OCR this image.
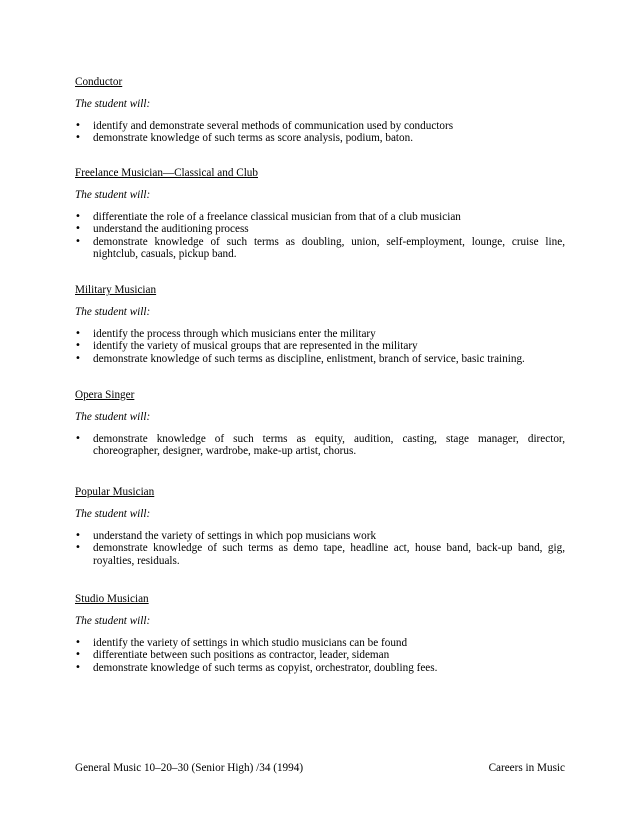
Conductor

The student will:

• identify and demonstrate several methods of communication used by conductors
• demonstrate knowledge of such terms as score analysis, podium, baton.

Freelance Musician—Classical and Club

The student will:

• differentiate the role of a freelance classical musician from that of a club musician
• understand the auditioning process
• demonstrate knowledge of such terms as doubling, union, self-employment, lounge, cruise line, nightclub, casuals, pickup band.

Military Musician

The student will:

• identify the process through which musicians enter the military
• identify the variety of musical groups that are represented in the military
• demonstrate knowledge of such terms as discipline, enlistment, branch of service, basic training.

Opera Singer

The student will:

• demonstrate knowledge of such terms as equity, audition, casting, stage manager, director, choreographer, designer, wardrobe, make-up artist, chorus.

Popular Musician

The student will:

• understand the variety of settings in which pop musicians work
• demonstrate knowledge of such terms as demo tape, headline act, house band, back-up band, gig, royalties, residuals.

Studio Musician

The student will:

• identify the variety of settings in which studio musicians can be found
• differentiate between such positions as contractor, leader, sideman
• demonstrate knowledge of such terms as copyist, orchestrator, doubling fees.
General Music 10–20–30 (Senior High) /34 (1994)	Careers in Music
